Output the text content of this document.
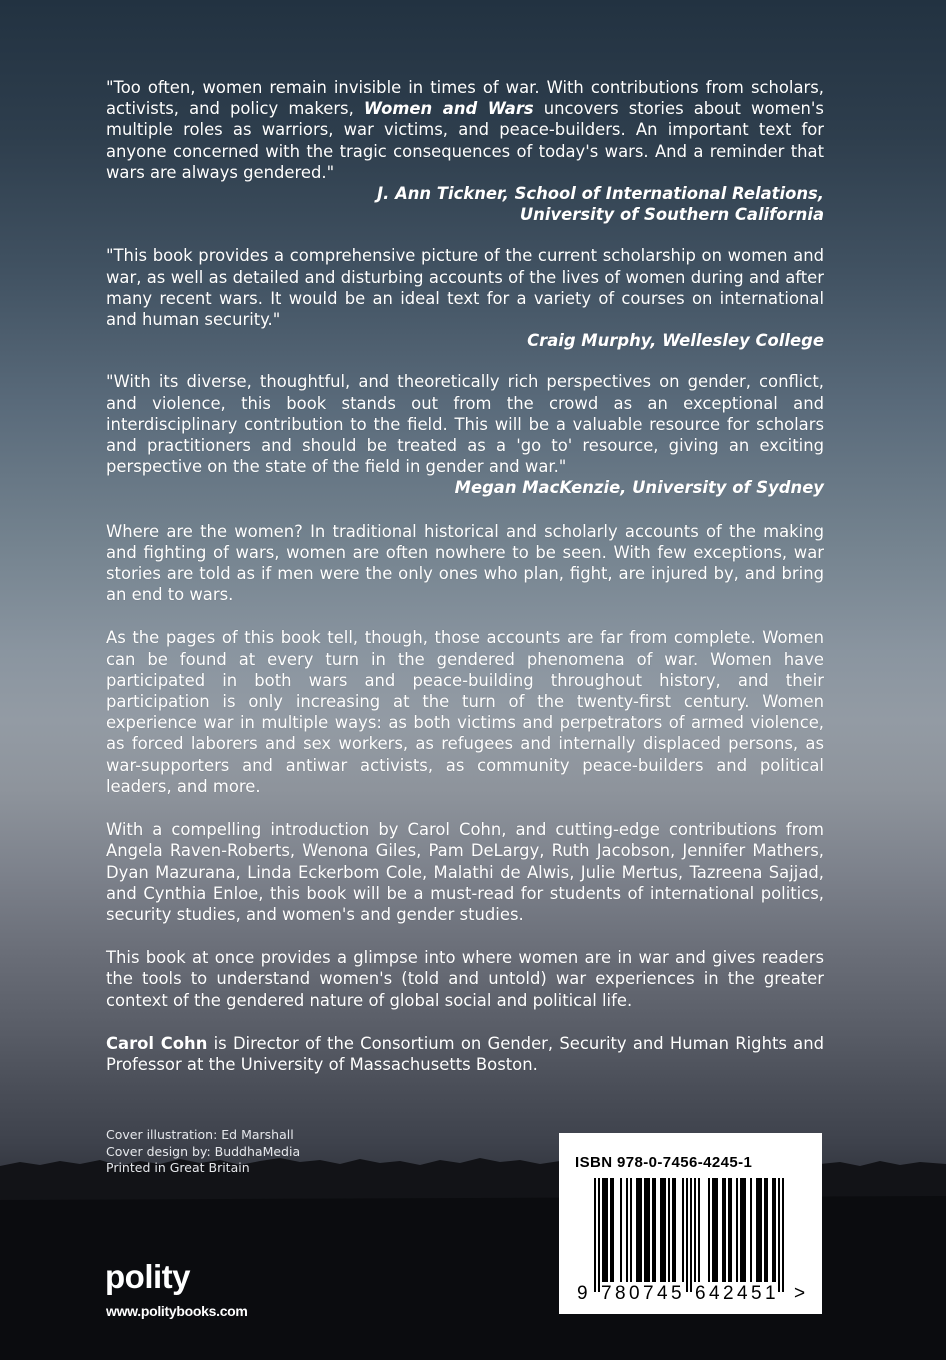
"Too often, women remain invisible in times of war. With contributions from scholars, activists, and policy makers, Women and Wars uncovers stories about women's multiple roles as warriors, war victims, and peace-builders. An important text for anyone concerned with the tragic consequences of today's wars. And a reminder that wars are always gendered."

J. Ann Tickner, School of International Relations,

University of Southern California

"This book provides a comprehensive picture of the current scholarship on women and war, as well as detailed and disturbing accounts of the lives of women during and after many recent wars. It would be an ideal text for a variety of courses on international and human security."

Craig Murphy, Wellesley College

"With its diverse, thoughtful, and theoretically rich perspectives on gender, conflict, and violence, this book stands out from the crowd as an exceptional and interdisciplinary contribution to the field. This will be a valuable resource for scholars and practitioners and should be treated as a 'go to' resource, giving an exciting perspective on the state of the field in gender and war."

Megan MacKenzie, University of Sydney

Where are the women? In traditional historical and scholarly accounts of the making and fighting of wars, women are often nowhere to be seen. With few exceptions, war stories are told as if men were the only ones who plan, fight, are injured by, and bring an end to wars.

As the pages of this book tell, though, those accounts are far from complete. Women can be found at every turn in the gendered phenomena of war. Women have participated in both wars and peace-building throughout history, and their participation is only increasing at the turn of the twenty-first century. Women experience war in multiple ways: as both victims and perpetrators of armed violence, as forced laborers and sex workers, as refugees and internally displaced persons, as war-supporters and antiwar activists, as community peace-builders and political leaders, and more.

With a compelling introduction by Carol Cohn, and cutting-edge contributions from Angela Raven-Roberts, Wenona Giles, Pam DeLargy, Ruth Jacobson, Jennifer Mathers, Dyan Mazurana, Linda Eckerbom Cole, Malathi de Alwis, Julie Mertus, Tazreena Sajjad, and Cynthia Enloe, this book will be a must-read for students of international politics, security studies, and women's and gender studies.

This book at once provides a glimpse into where women are in war and gives readers the tools to understand women's (told and untold) war experiences in the greater context of the gendered nature of global social and political life.

Carol Cohn is Director of the Consortium on Gender, Security and Human Rights and Professor at the University of Massachusetts Boston.

Cover illustration: Ed Marshall
Cover design by: BuddhaMedia
Printed in Great Britain
polity
www.politybooks.com
ISBN 978-0-7456-4245-1
9 7 8 0 7 4 5 6 4 2 4 5 1 >
